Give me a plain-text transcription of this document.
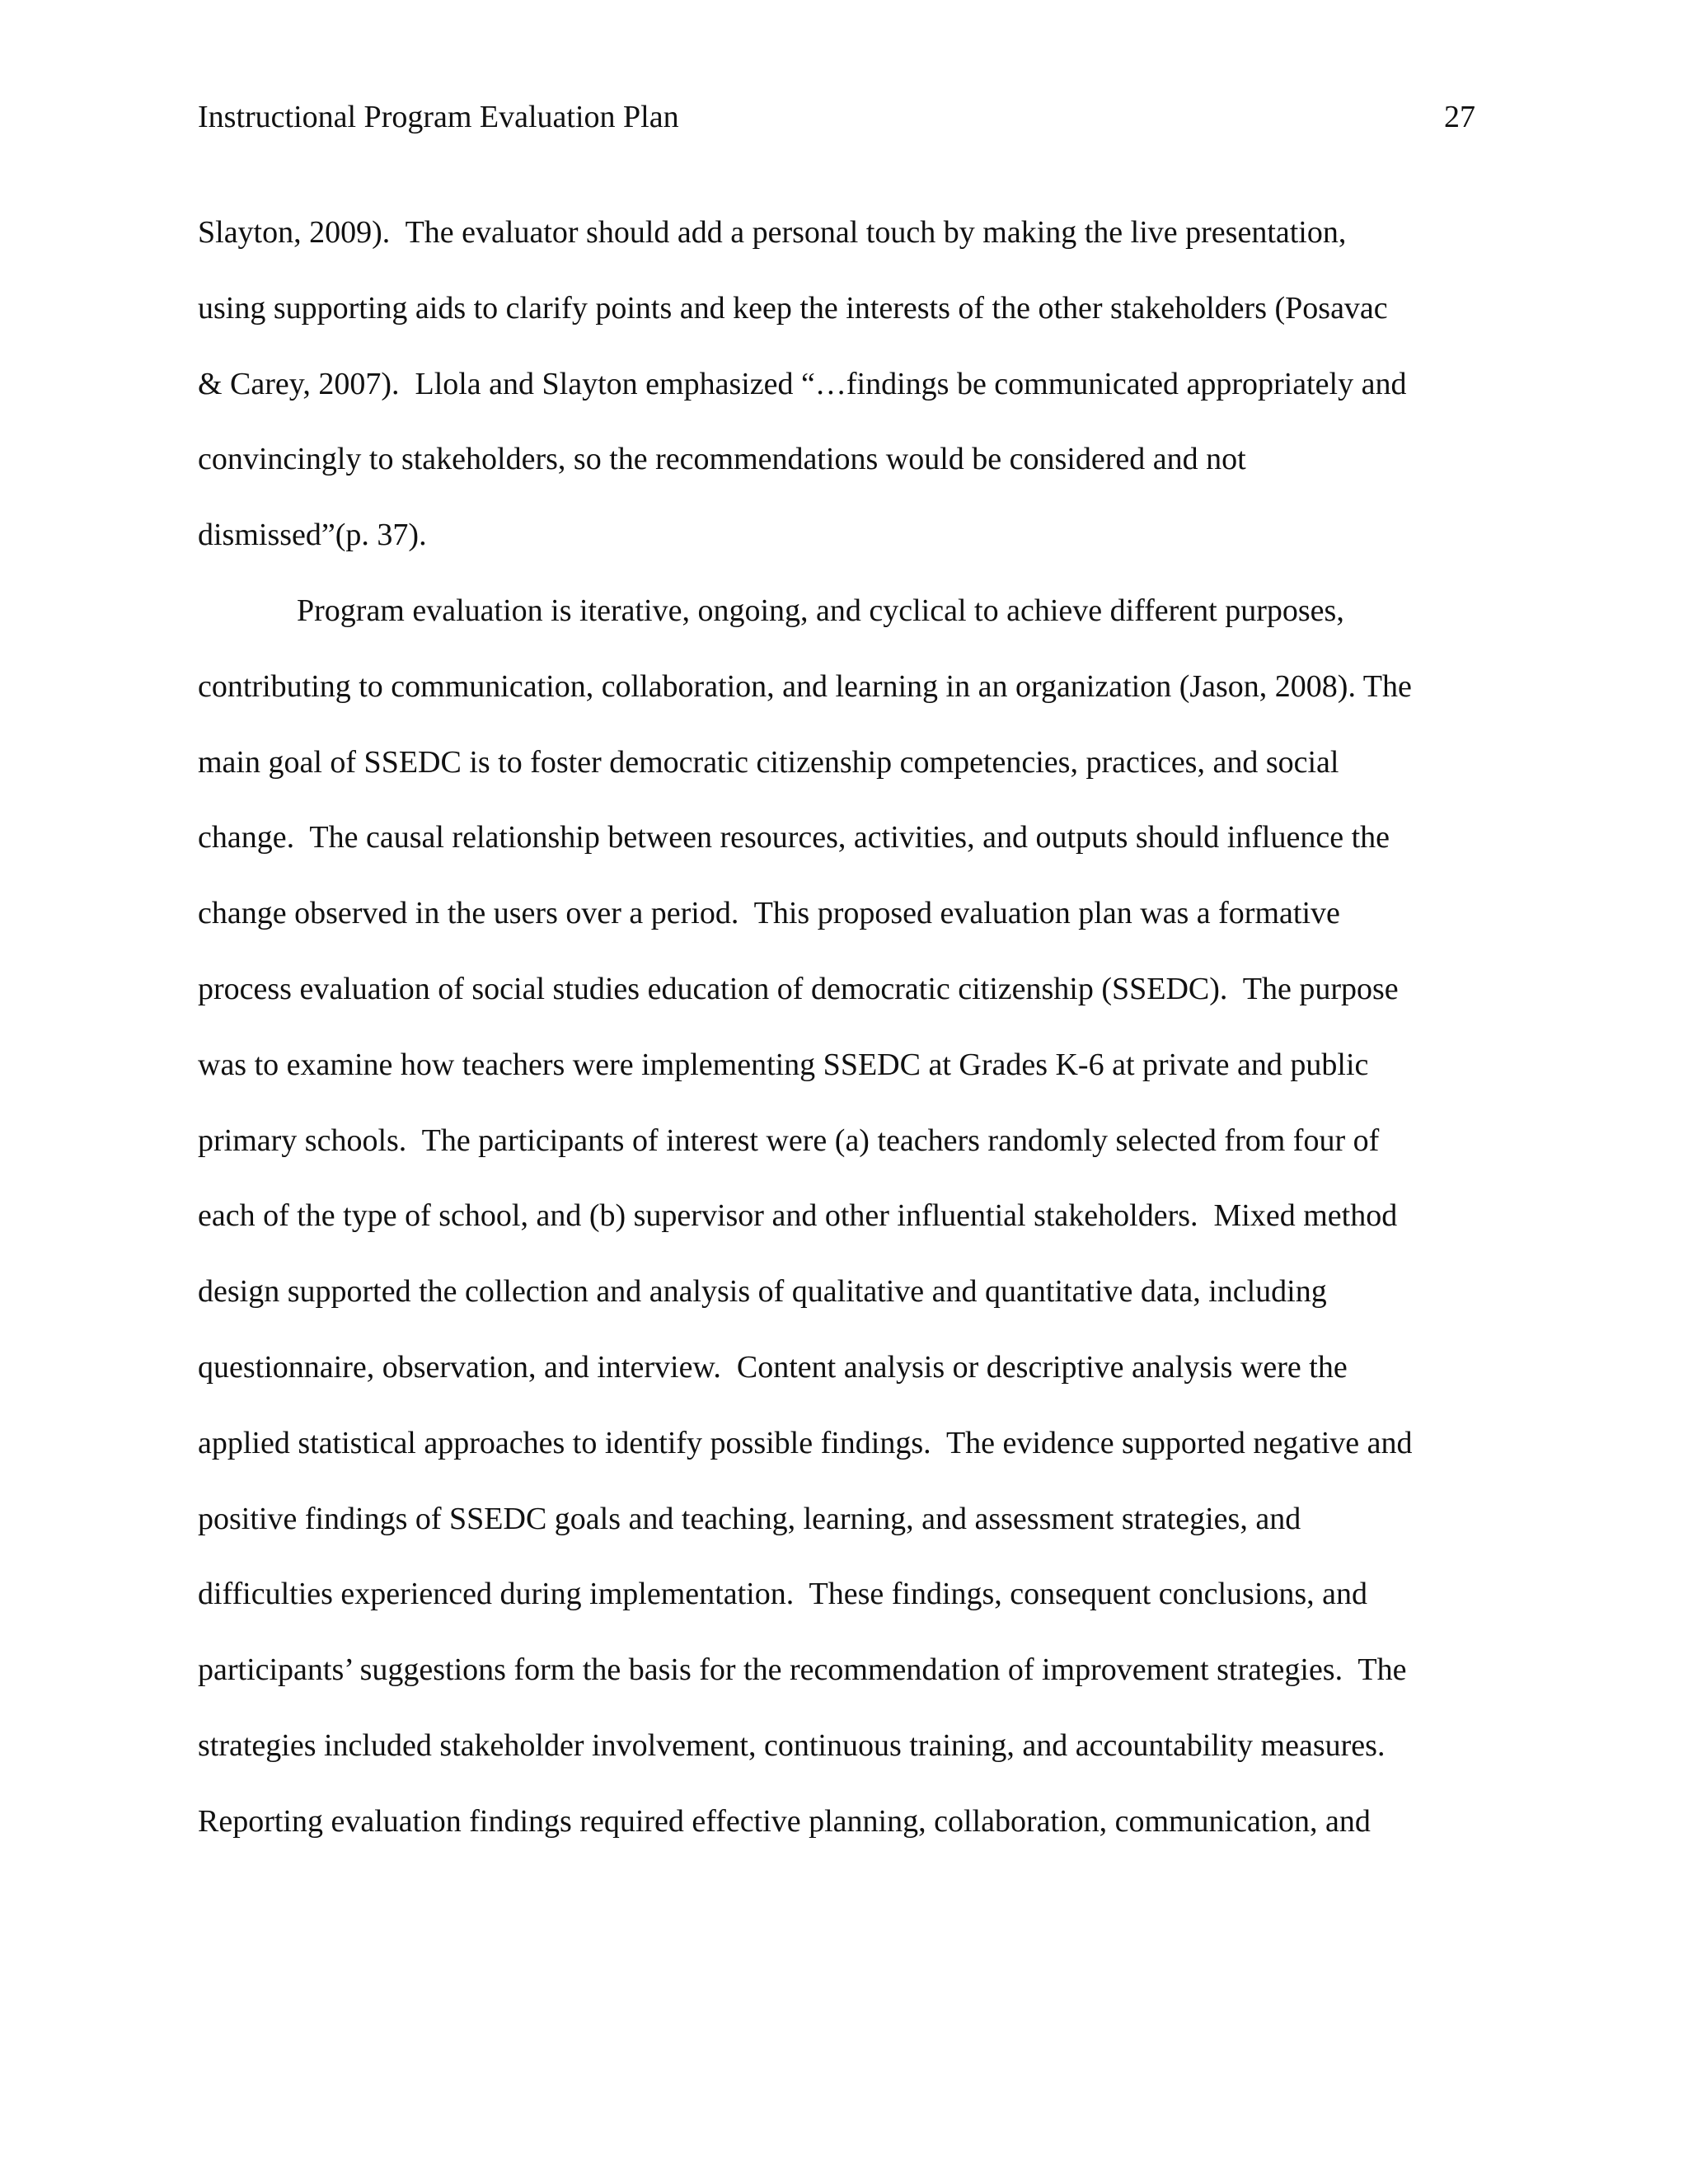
Instructional Program Evaluation Plan	27
Slayton, 2009).  The evaluator should add a personal touch by making the live presentation,
using supporting aids to clarify points and keep the interests of the other stakeholders (Posavac
& Carey, 2007).  Llola and Slayton emphasized “…findings be communicated appropriately and
convincingly to stakeholders, so the recommendations would be considered and not
dismissed”(p. 37).
Program evaluation is iterative, ongoing, and cyclical to achieve different purposes,
contributing to communication, collaboration, and learning in an organization (Jason, 2008). The
main goal of SSEDC is to foster democratic citizenship competencies, practices, and social
change.  The causal relationship between resources, activities, and outputs should influence the
change observed in the users over a period.  This proposed evaluation plan was a formative
process evaluation of social studies education of democratic citizenship (SSEDC).  The purpose
was to examine how teachers were implementing SSEDC at Grades K-6 at private and public
primary schools.  The participants of interest were (a) teachers randomly selected from four of
each of the type of school, and (b) supervisor and other influential stakeholders.  Mixed method
design supported the collection and analysis of qualitative and quantitative data, including
questionnaire, observation, and interview.  Content analysis or descriptive analysis were the
applied statistical approaches to identify possible findings.  The evidence supported negative and
positive findings of SSEDC goals and teaching, learning, and assessment strategies, and
difficulties experienced during implementation.  These findings, consequent conclusions, and
participants’ suggestions form the basis for the recommendation of improvement strategies.  The
strategies included stakeholder involvement, continuous training, and accountability measures.
Reporting evaluation findings required effective planning, collaboration, communication, and
